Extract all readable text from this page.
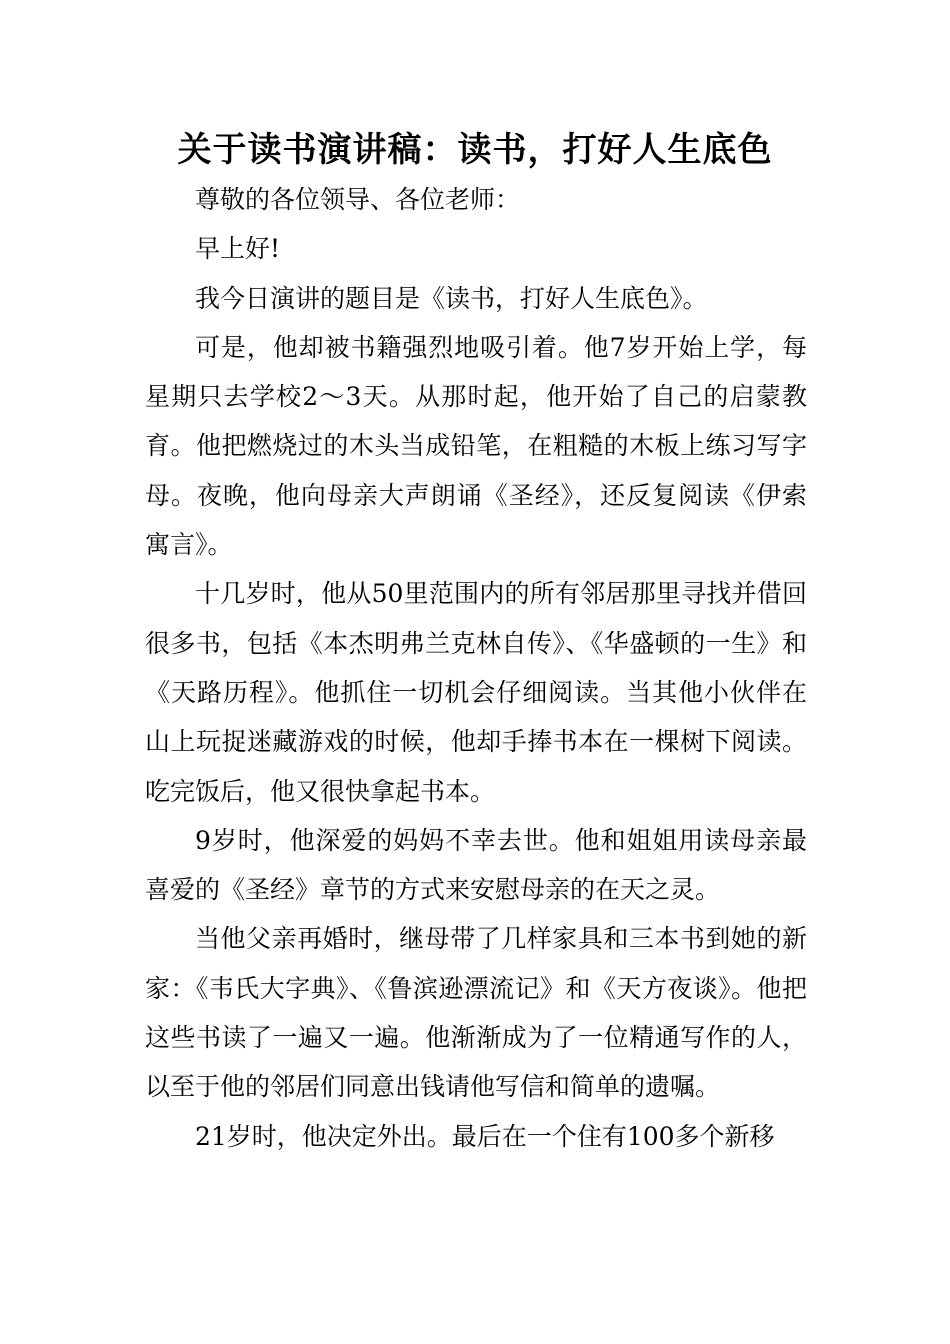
关于读书演讲稿：读书，打好人生底色

尊敬的各位领导、各位老师：

早上好!

我今日演讲的题目是《读书，打好人生底色》。

可是，他却被书籍强烈地吸引着。他7岁开始上学，每星期只去学校2～3天。从那时起，他开始了自己的启蒙教育。他把燃烧过的木头当成铅笔，在粗糙的木板上练习写字母。夜晚，他向母亲大声朗诵《圣经》，还反复阅读《伊索寓言》。

十几岁时，他从50里范围内的所有邻居那里寻找并借回很多书，包括《本杰明弗兰克林自传》、《华盛顿的一生》和《天路历程》。他抓住一切机会仔细阅读。当其他小伙伴在山上玩捉迷藏游戏的时候，他却手捧书本在一棵树下阅读。吃完饭后，他又很快拿起书本。

9岁时，他深爱的妈妈不幸去世。他和姐姐用读母亲最喜爱的《圣经》章节的方式来安慰母亲的在天之灵。

当他父亲再婚时，继母带了几样家具和三本书到她的新家：《韦氏大字典》、《鲁滨逊漂流记》和《天方夜谈》。他把这些书读了一遍又一遍。他渐渐成为了一位精通写作的人，以至于他的邻居们同意出钱请他写信和简单的遗嘱。

21岁时，他决定外出。最后在一个住有100多个新移
